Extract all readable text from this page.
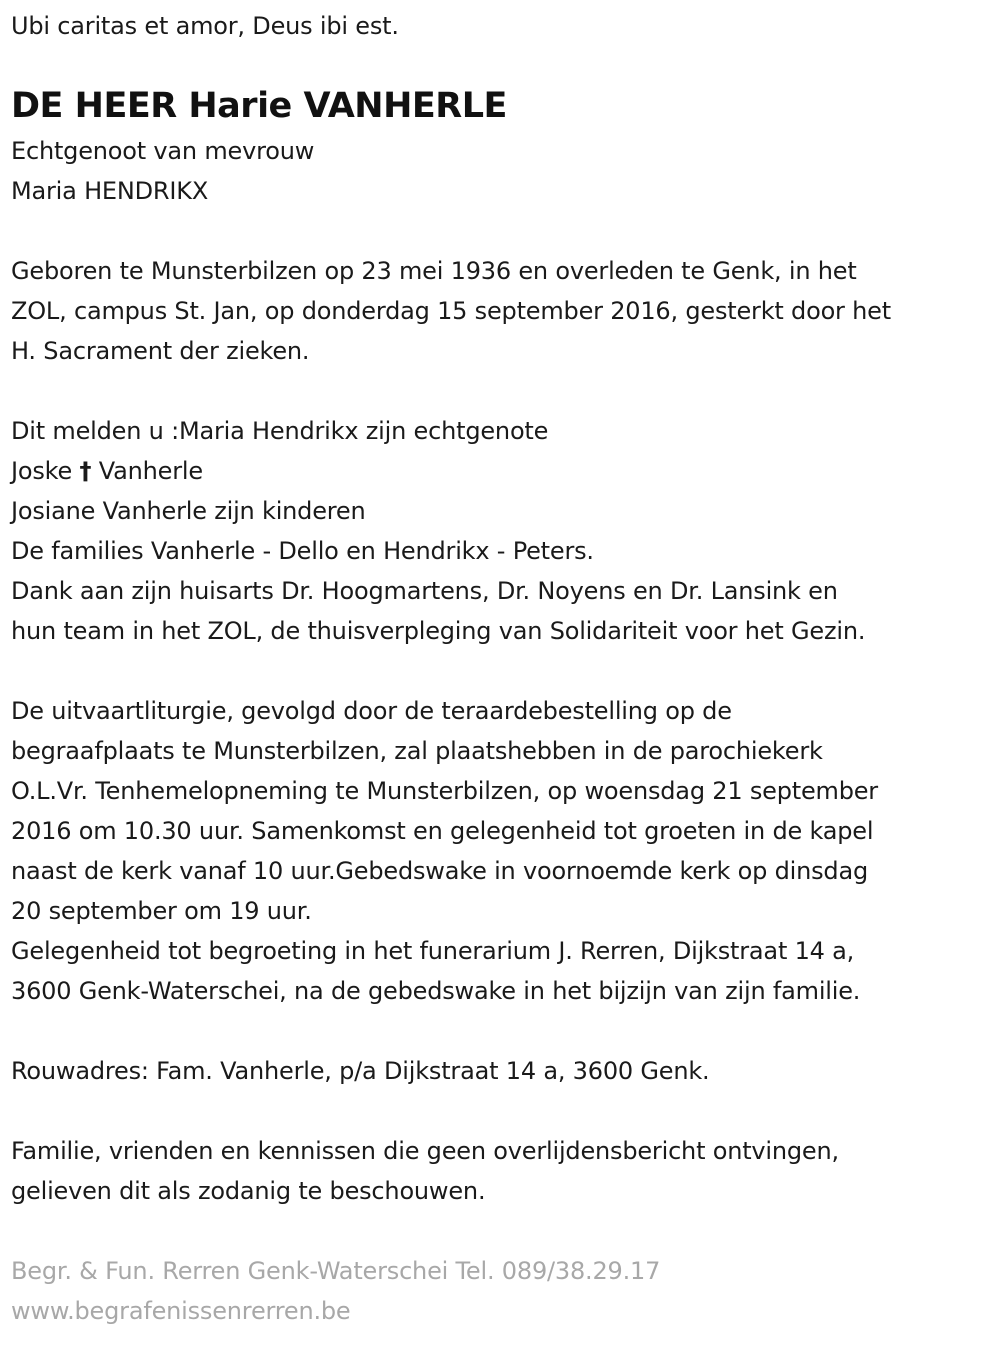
Ubi caritas et amor, Deus ibi est.
DE HEER Harie VANHERLE
Echtgenoot van mevrouw
Maria HENDRIKX
Geboren te Munsterbilzen op 23 mei 1936 en overleden te Genk, in het
ZOL, campus St. Jan, op donderdag 15 september 2016, gesterkt door het
H. Sacrament der zieken.
Dit melden u :Maria Hendrikx zijn echtgenote
Joske † Vanherle
Josiane Vanherle zijn kinderen
De families Vanherle - Dello en Hendrikx - Peters.
Dank aan zijn huisarts Dr. Hoogmartens, Dr. Noyens en Dr. Lansink en
hun team in het ZOL, de thuisverpleging van Solidariteit voor het Gezin.
De uitvaartliturgie, gevolgd door de teraardebestelling op de
begraafplaats te Munsterbilzen, zal plaatshebben in de parochiekerk
O.L.Vr. Tenhemelopneming te Munsterbilzen, op woensdag 21 september
2016 om 10.30 uur. Samenkomst en gelegenheid tot groeten in de kapel
naast de kerk vanaf 10 uur.Gebedswake in voornoemde kerk op dinsdag
20 september om 19 uur.
Gelegenheid tot begroeting in het funerarium J. Rerren, Dijkstraat 14 a,
3600 Genk-Waterschei, na de gebedswake in het bijzijn van zijn familie.
Rouwadres: Fam. Vanherle, p/a Dijkstraat 14 a, 3600 Genk.
Familie, vrienden en kennissen die geen overlijdensbericht ontvingen,
gelieven dit als zodanig te beschouwen.
Begr. & Fun. Rerren Genk-Waterschei Tel. 089/38.29.17
www.begrafenissenrerren.be
